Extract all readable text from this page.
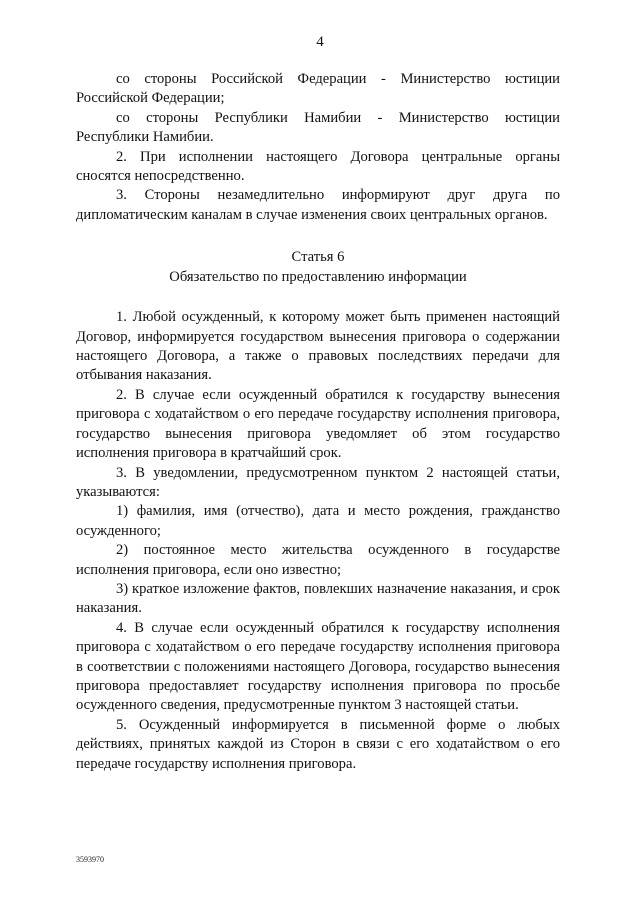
4

со стороны Российской Федерации - Министерство юстиции Российской Федерации;

со стороны Республики Намибии - Министерство юстиции Республики Намибии.

2. При исполнении настоящего Договора центральные органы сносятся непосредственно.

3. Стороны незамедлительно информируют друг друга по дипломатическим каналам в случае изменения своих центральных органов.

Статья 6
Обязательство по предоставлению информации

1. Любой осужденный, к которому может быть применен настоящий Договор, информируется государством вынесения приговора о содержании настоящего Договора, а также о правовых последствиях передачи для отбывания наказания.

2. В случае если осужденный обратился к государству вынесения приговора с ходатайством о его передаче государству исполнения приговора, государство вынесения приговора уведомляет об этом государство исполнения приговора в кратчайший срок.

3. В уведомлении, предусмотренном пунктом 2 настоящей статьи, указываются:

1) фамилия, имя (отчество), дата и место рождения, гражданство осужденного;

2) постоянное место жительства осужденного в государстве исполнения приговора, если оно известно;

3) краткое изложение фактов, повлекших назначение наказания, и срок наказания.

4. В случае если осужденный обратился к государству исполнения приговора с ходатайством о его передаче государству исполнения приговора в соответствии с положениями настоящего Договора, государство вынесения приговора предоставляет государству исполнения приговора по просьбе осужденного сведения, предусмотренные пунктом 3 настоящей статьи.

5. Осужденный информируется в письменной форме о любых действиях, принятых каждой из Сторон в связи с его ходатайством о его передаче государству исполнения приговора.

3593970
